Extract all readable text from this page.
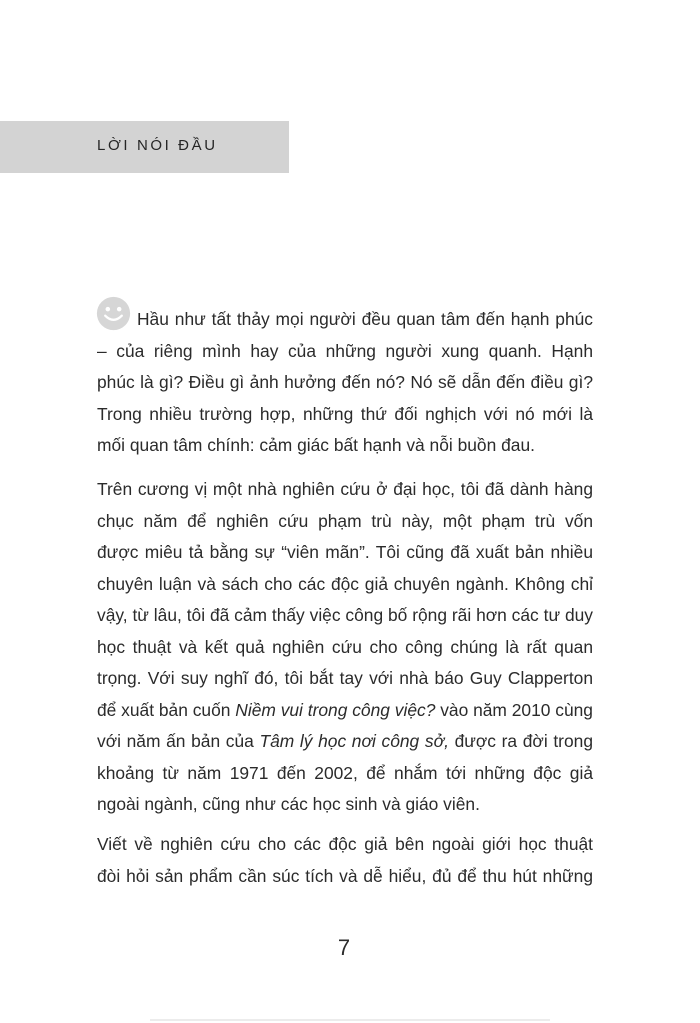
LỜI NÓI ĐẦU
Hầu như tất thảy mọi người đều quan tâm đến hạnh phúc
– của riêng mình hay của những người xung quanh. Hạnh
phúc là gì? Điều gì ảnh hưởng đến nó? Nó sẽ dẫn đến điều gì?
Trong nhiều trường hợp, những thứ đối nghịch với nó mới là
mối quan tâm chính: cảm giác bất hạnh và nỗi buồn đau.
Trên cương vị một nhà nghiên cứu ở đại học, tôi đã dành hàng
chục năm để nghiên cứu phạm trù này, một phạm trù vốn
được miêu tả bằng sự “viên mãn”. Tôi cũng đã xuất bản nhiều
chuyên luận và sách cho các độc giả chuyên ngành. Không chỉ
vậy, từ lâu, tôi đã cảm thấy việc công bố rộng rãi hơn các tư duy
học thuật và kết quả nghiên cứu cho công chúng là rất quan
trọng. Với suy nghĩ đó, tôi bắt tay với nhà báo Guy Clapperton
để xuất bản cuốn Niềm vui trong công việc? vào năm 2010 cùng
với năm ấn bản của Tâm lý học nơi công sở, được ra đời trong
khoảng từ năm 1971 đến 2002, để nhắm tới những độc giả
ngoài ngành, cũng như các học sinh và giáo viên.
Viết về nghiên cứu cho các độc giả bên ngoài giới học thuật
đòi hỏi sản phẩm cần súc tích và dễ hiểu, đủ để thu hút những
7
